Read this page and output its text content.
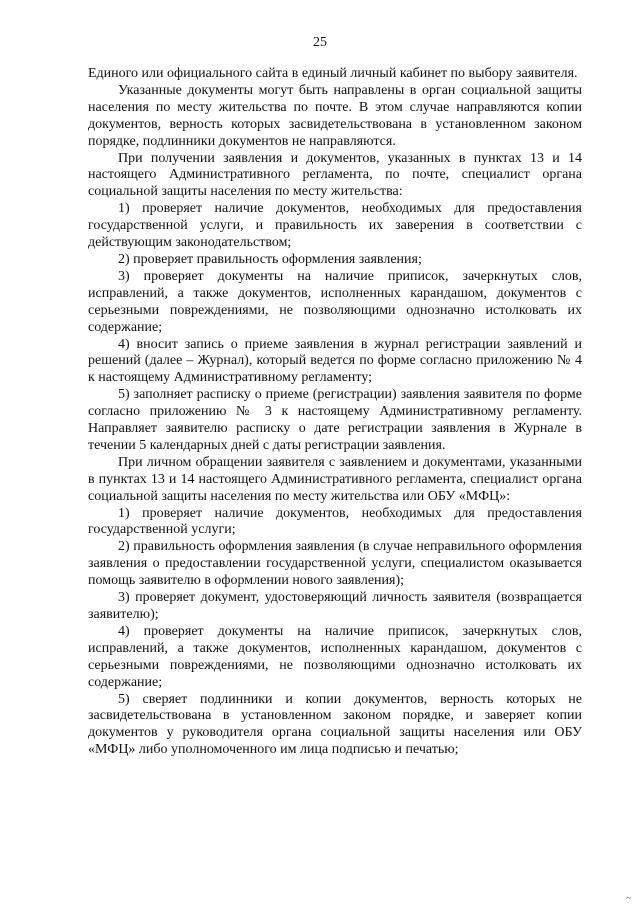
25

Единого или официального сайта в единый личный кабинет по выбору заявителя.

Указанные документы могут быть направлены в орган социальной защиты населения по месту жительства по почте. В этом случае направляются копии документов, верность которых засвидетельствована в установленном законом порядке, подлинники документов не направляются.

При получении заявления и документов, указанных в пунктах 13 и 14 настоящего Административного регламента, по почте, специалист органа социальной защиты населения по месту жительства:

1) проверяет наличие документов, необходимых для предоставления государственной услуги, и правильность их заверения в соответствии с действующим законодательством;

2) проверяет правильность оформления заявления;

3) проверяет документы на наличие приписок, зачеркнутых слов, исправлений, а также документов, исполненных карандашом, документов с серьезными повреждениями, не позволяющими однозначно истолковать их содержание;

4) вносит запись о приеме заявления в журнал регистрации заявлений и решений (далее – Журнал), который ведется по форме согласно приложению № 4 к настоящему Административному регламенту;

5) заполняет расписку о приеме (регистрации) заявления заявителя по форме согласно приложению № 3 к настоящему Административному регламенту. Направляет заявителю расписку о дате регистрации заявления в Журнале в течении 5 календарных дней с даты регистрации заявления.

При личном обращении заявителя с заявлением и документами, указанными в пунктах 13 и 14 настоящего Административного регламента, специалист органа социальной защиты населения по месту жительства или ОБУ «МФЦ»:

1) проверяет наличие документов, необходимых для предоставления государственной услуги;

2) правильность оформления заявления (в случае неправильного оформления заявления о предоставлении государственной услуги, специалистом оказывается помощь заявителю в оформлении нового заявления);

3) проверяет документ, удостоверяющий личность заявителя (возвращается заявителю);

4) проверяет документы на наличие приписок, зачеркнутых слов, исправлений, а также документов, исполненных карандашом, документов с серьезными повреждениями, не позволяющими однозначно истолковать их содержание;

5) сверяет подлинники и копии документов, верность которых не засвидетельствована в установленном законом порядке, и заверяет копии документов у руководителя органа социальной защиты населения или ОБУ «МФЦ» либо уполномоченного им лица подписью и печатью;

~
